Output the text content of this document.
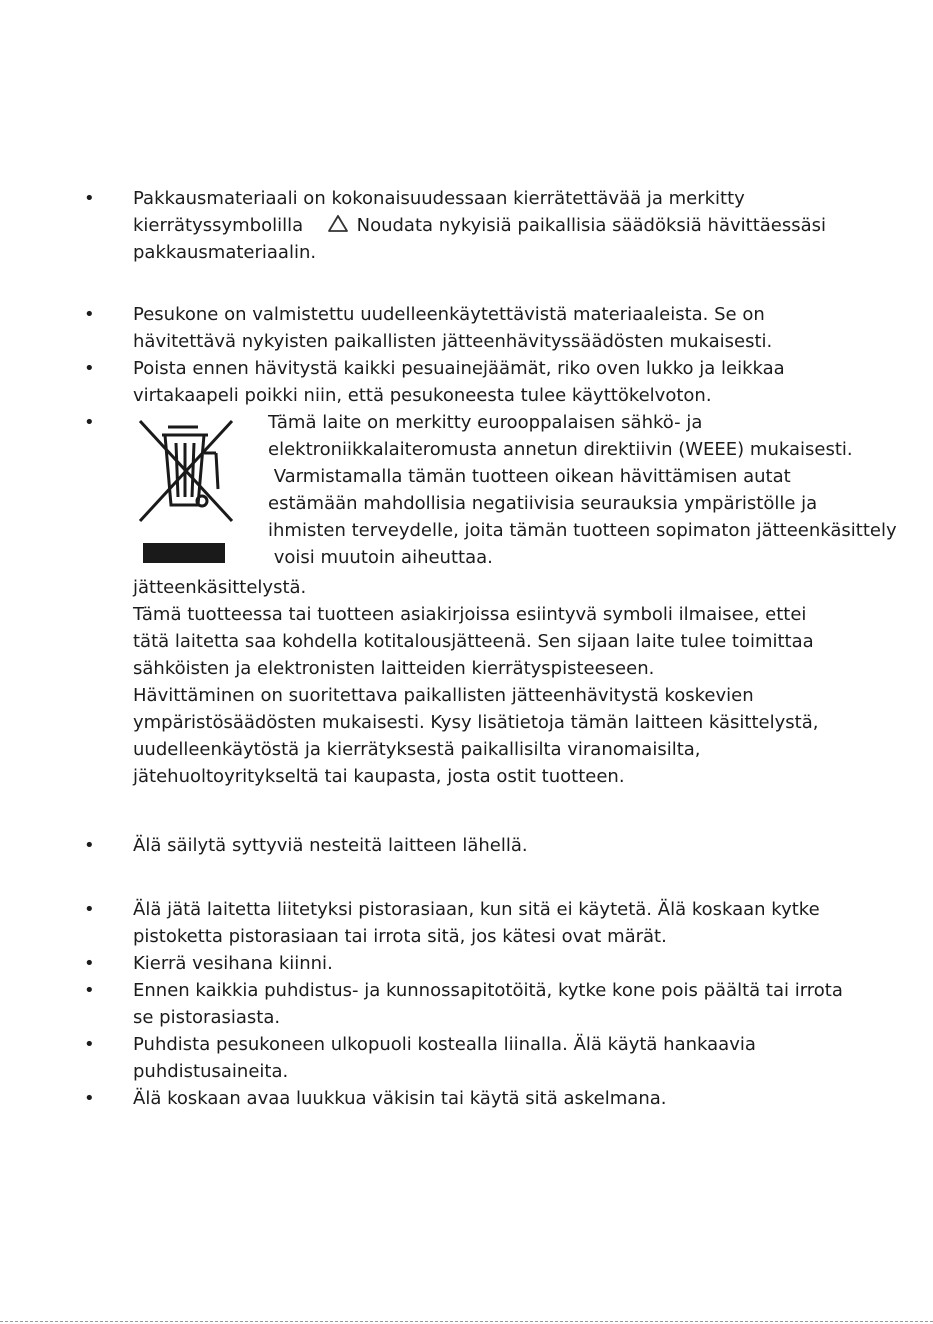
• Pakkausmateriaali on kokonaisuudessaan kierrätettävää ja merkitty
kierrätyssymbolilla	Noudata nykyisiä paikallisia säädöksiä hävittäessäsi
pakkausmateriaalin.
• Pesukone on valmistettu uudelleenkäytettävistä materiaaleista. Se on
hävitettävä nykyisten paikallisten jätteenhävityssäädösten mukaisesti.
• Poista ennen hävitystä kaikki pesuainejäämät, riko oven lukko ja leikkaa
virtakaapeli poikki niin, että pesukoneesta tulee käyttökelvoton.
•	Tämä laite on merkitty eurooppalaisen sähkö- ja
elektroniikkalaiteromusta annetun direktiivin (WEEE) mukaisesti.
Varmistamalla tämän tuotteen oikean hävittämisen autat
estämään mahdollisia negatiivisia seurauksia ympäristölle ja
ihmisten terveydelle, joita tämän tuotteen sopimaton jätteenkäsittely
voisi muutoin aiheuttaa.
jätteenkäsittelystä.
Tämä tuotteessa tai tuotteen asiakirjoissa esiintyvä symboli ilmaisee, ettei
tätä laitetta saa kohdella kotitalousjätteenä. Sen sijaan laite tulee toimittaa
sähköisten ja elektronisten laitteiden kierrätyspisteeseen.
Hävittäminen on suoritettava paikallisten jätteenhävitystä koskevien
ympäristösäädösten mukaisesti. Kysy lisätietoja tämän laitteen käsittelystä,
uudelleenkäytöstä ja kierrätyksestä paikallisilta viranomaisilta,
jätehuoltoyritykseltä tai kaupasta, josta ostit tuotteen.
• Älä säilytä syttyviä nesteitä laitteen lähellä.
• Älä jätä laitetta liitetyksi pistorasiaan, kun sitä ei käytetä. Älä koskaan kytke
pistoketta pistorasiaan tai irrota sitä, jos kätesi ovat märät.
• Kierrä vesihana kiinni.
• Ennen kaikkia puhdistus- ja kunnossapitotöitä, kytke kone pois päältä tai irrota
se pistorasiasta.
• Puhdista pesukoneen ulkopuoli kostealla liinalla. Älä käytä hankaavia
puhdistusaineita.
• Älä koskaan avaa luukkua väkisin tai käytä sitä askelmana.
